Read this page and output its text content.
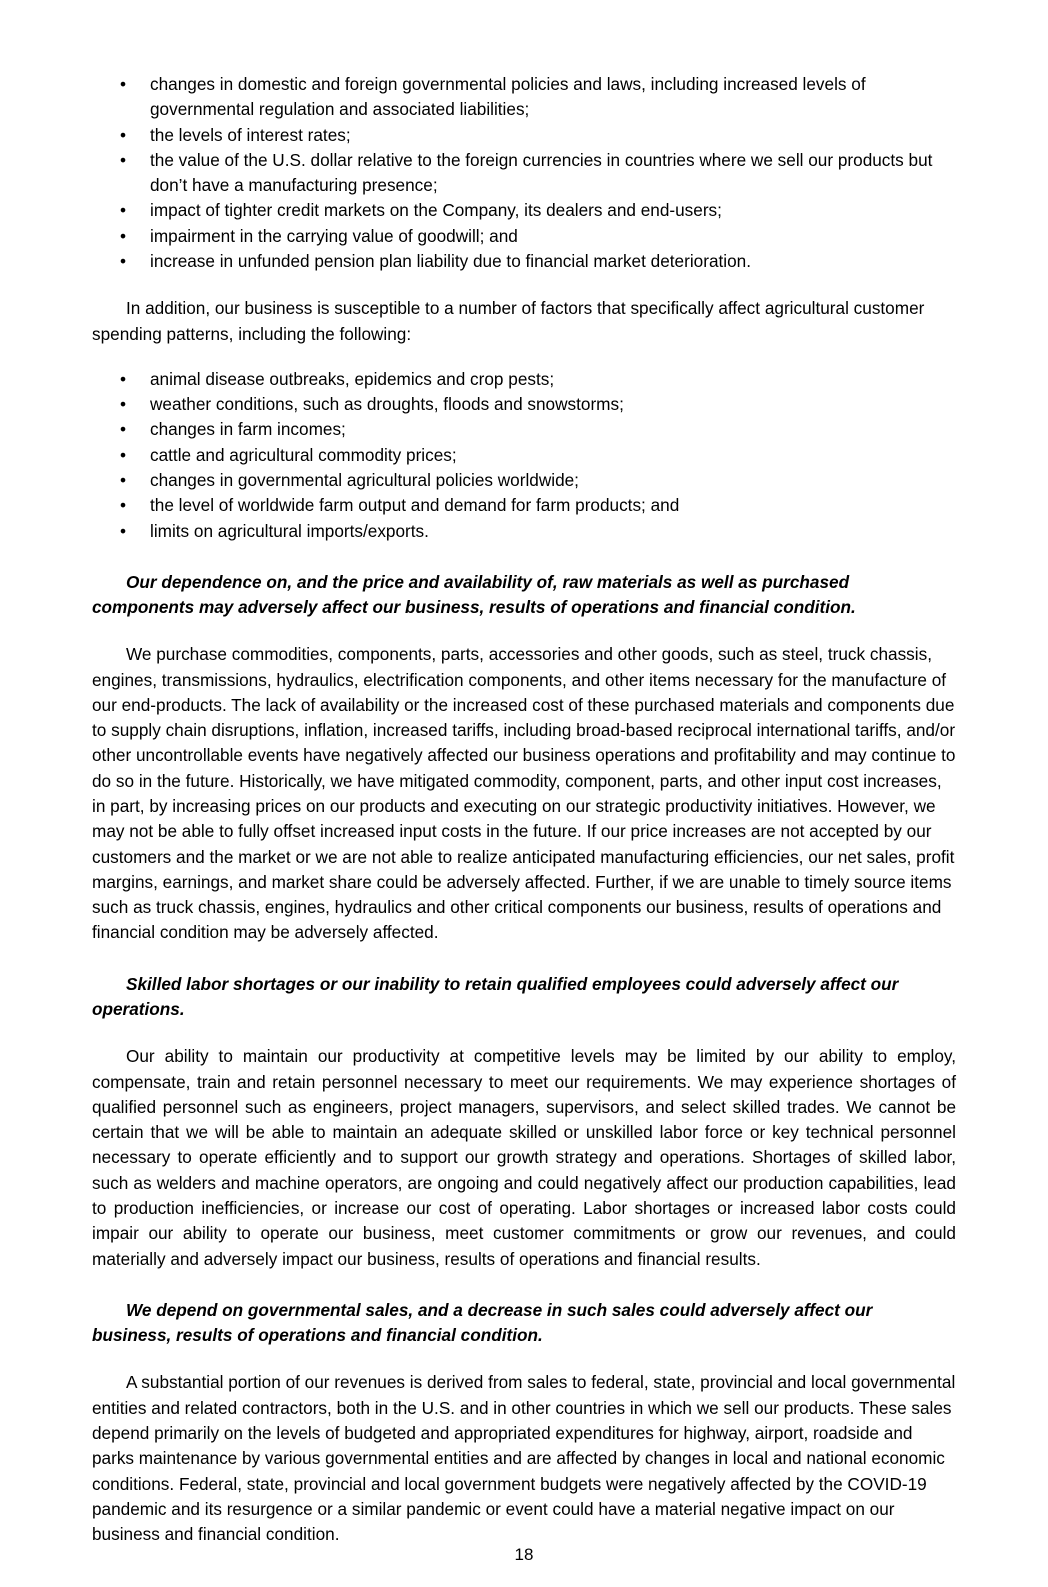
• changes in domestic and foreign governmental policies and laws, including increased levels of governmental regulation and associated liabilities;
• the levels of interest rates;
• the value of the U.S. dollar relative to the foreign currencies in countries where we sell our products but don’t have a manufacturing presence;
• impact of tighter credit markets on the Company, its dealers and end-users;
• impairment in the carrying value of goodwill; and
• increase in unfunded pension plan liability due to financial market deterioration.

In addition, our business is susceptible to a number of factors that specifically affect agricultural customer spending patterns, including the following:

• animal disease outbreaks, epidemics and crop pests;
• weather conditions, such as droughts, floods and snowstorms;
• changes in farm incomes;
• cattle and agricultural commodity prices;
• changes in governmental agricultural policies worldwide;
• the level of worldwide farm output and demand for farm products; and
• limits on agricultural imports/exports.

Our dependence on, and the price and availability of, raw materials as well as purchased components may adversely affect our business, results of operations and financial condition.

We purchase commodities, components, parts, accessories and other goods, such as steel, truck chassis, engines, transmissions, hydraulics, electrification components, and other items necessary for the manufacture of our end-products. The lack of availability or the increased cost of these purchased materials and components due to supply chain disruptions, inflation, increased tariffs, including broad-based reciprocal international tariffs, and/or other uncontrollable events have negatively affected our business operations and profitability and may continue to do so in the future. Historically, we have mitigated commodity, component, parts, and other input cost increases, in part, by increasing prices on our products and executing on our strategic productivity initiatives. However, we may not be able to fully offset increased input costs in the future. If our price increases are not accepted by our customers and the market or we are not able to realize anticipated manufacturing efficiencies, our net sales, profit margins, earnings, and market share could be adversely affected. Further, if we are unable to timely source items such as truck chassis, engines, hydraulics and other critical components our business, results of operations and financial condition may be adversely affected.

Skilled labor shortages or our inability to retain qualified employees could adversely affect our operations.

Our ability to maintain our productivity at competitive levels may be limited by our ability to employ, compensate, train and retain personnel necessary to meet our requirements. We may experience shortages of qualified personnel such as engineers, project managers, supervisors, and select skilled trades. We cannot be certain that we will be able to maintain an adequate skilled or unskilled labor force or key technical personnel necessary to operate efficiently and to support our growth strategy and operations. Shortages of skilled labor, such as welders and machine operators, are ongoing and could negatively affect our production capabilities, lead to production inefficiencies, or increase our cost of operating. Labor shortages or increased labor costs could impair our ability to operate our business, meet customer commitments or grow our revenues, and could materially and adversely impact our business, results of operations and financial results.

We depend on governmental sales, and a decrease in such sales could adversely affect our business, results of operations and financial condition.

A substantial portion of our revenues is derived from sales to federal, state, provincial and local governmental entities and related contractors, both in the U.S. and in other countries in which we sell our products. These sales depend primarily on the levels of budgeted and appropriated expenditures for highway, airport, roadside and parks maintenance by various governmental entities and are affected by changes in local and national economic conditions. Federal, state, provincial and local government budgets were negatively affected by the COVID-19 pandemic and its resurgence or a similar pandemic or event could have a material negative impact on our business and financial condition.

18
